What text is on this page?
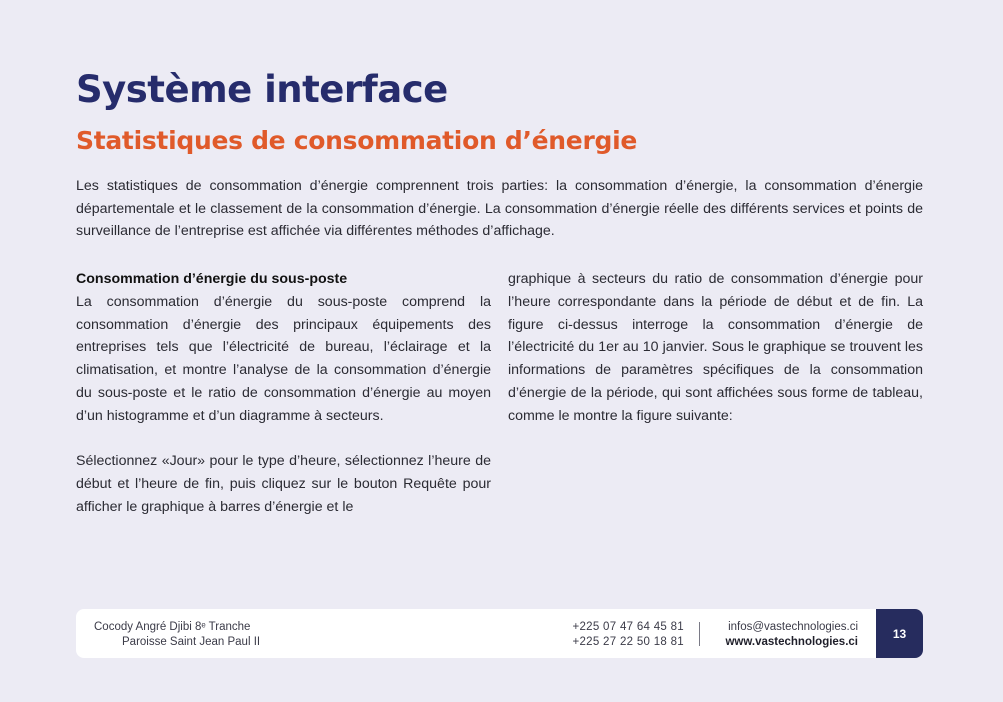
Système interface
Statistiques de consommation d’énergie

Les statistiques de consommation d’énergie comprennent trois parties: la consommation d’énergie, la consommation d’énergie départementale et le classement de la consommation d’énergie. La consommation d’énergie réelle des différents services et points de surveillance de l’entreprise est affichée via différentes méthodes d’affichage.

Consommation d’énergie du sous-poste

La consommation d’énergie du sous-poste comprend la consommation d’énergie des principaux équipements des entreprises tels que l’électricité de bureau, l’éclairage et la climatisation, et montre l’analyse de la consommation d’énergie du sous-poste et le ratio de consommation d’énergie au moyen d’un histogramme et d’un diagramme à secteurs.

Sélectionnez «Jour» pour le type d’heure, sélectionnez l’heure de début et l’heure de fin, puis cliquez sur le bouton Requête pour afficher le graphique à barres d’énergie et le

graphique à secteurs du ratio de consommation d’énergie pour l’heure correspondante dans la période de début et de fin. La figure ci-dessus interroge la consommation d’énergie de l’électricité du 1er au 10 janvier. Sous le graphique se trouvent les informations de paramètres spécifiques de la consommation d’énergie de la période, qui sont affichées sous forme de tableau, comme le montre la figure suivante:

Cocody Angré Djibi 8ᵉ Tranche
Paroisse Saint Jean Paul II
+225 07 47 64 45 81
+225 27 22 50 18 81
infos@vastechnologies.ci
www.vastechnologies.ci
13
